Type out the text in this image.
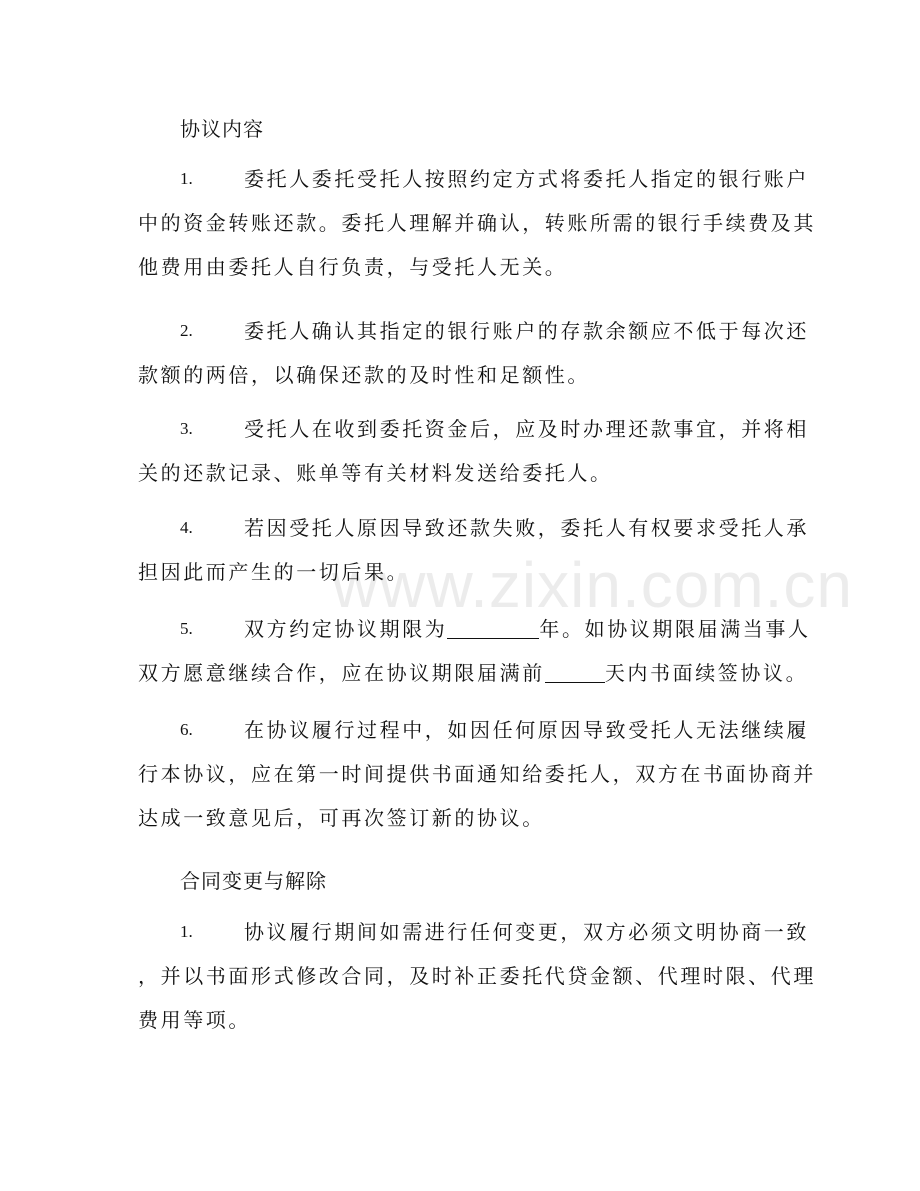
www.zixin.com.cn
协议内容
1.	委托人委托受托人按照约定方式将委托人指定的银行账户
中的资金转账还款。委托人理解并确认，转账所需的银行手续费及其
他费用由委托人自行负责，与受托人无关。
2.	委托人确认其指定的银行账户的存款余额应不低于每次还
款额的两倍，以确保还款的及时性和足额性。
3.	受托人在收到委托资金后，应及时办理还款事宜，并将相
关的还款记录、账单等有关材料发送给委托人。
4.	若因受托人原因导致还款失败，委托人有权要求受托人承
担因此而产生的一切后果。
5.	双方约定协议期限为	年。如协议期限届满当事人
双方愿意继续合作，应在协议期限届满前	天内书面续签协议。
6.	在协议履行过程中，如因任何原因导致受托人无法继续履
行本协议，应在第一时间提供书面通知给委托人，双方在书面协商并
达成一致意见后，可再次签订新的协议。
合同变更与解除
1.	协议履行期间如需进行任何变更，双方必须文明协商一致
，并以书面形式修改合同，及时补正委托代贷金额、代理时限、代理
费用等项。
